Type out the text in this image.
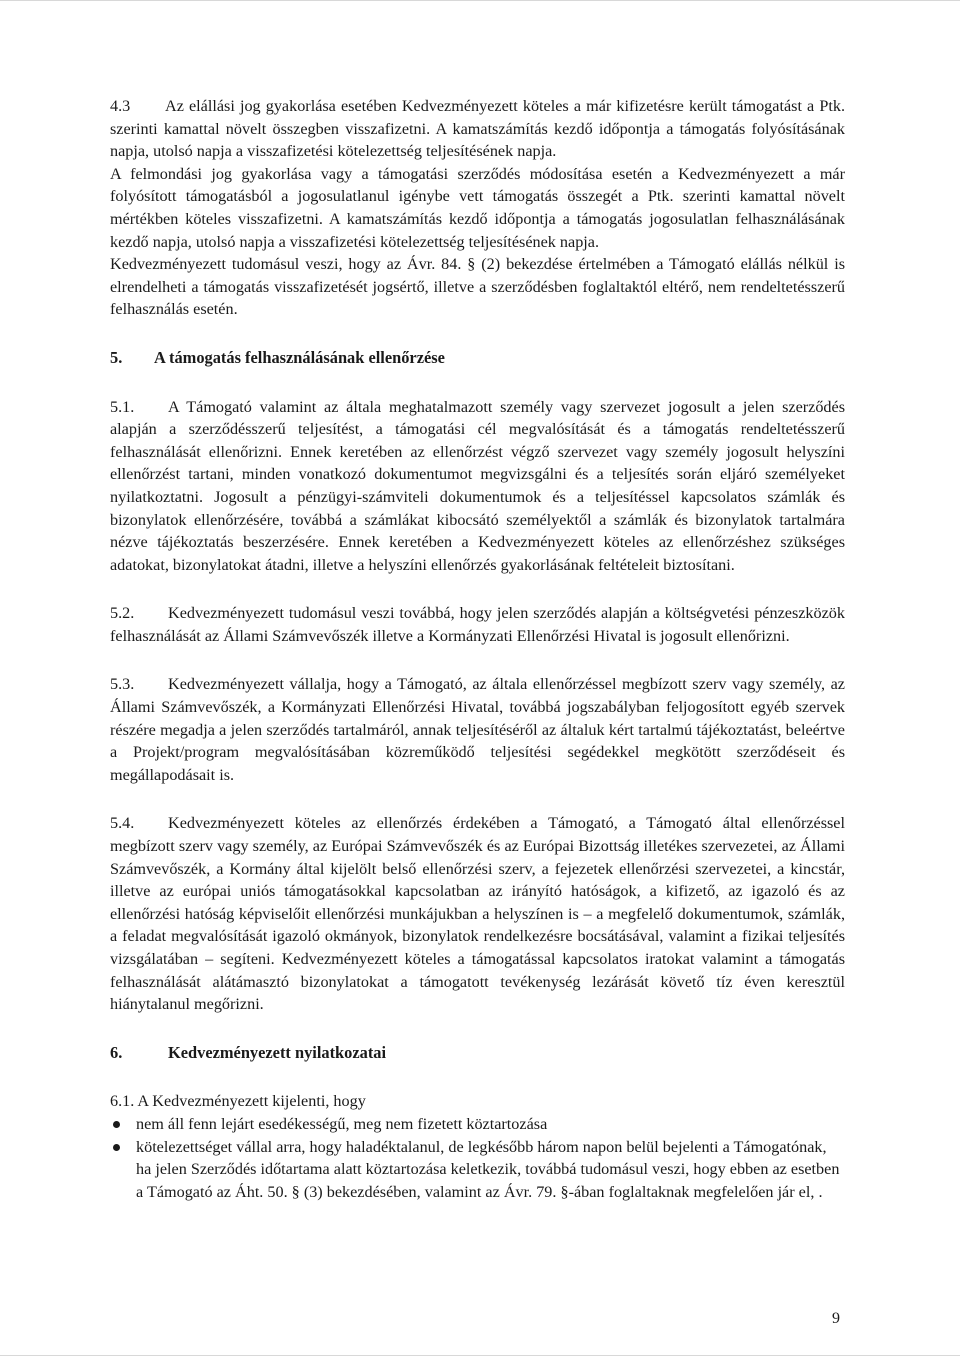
4.3 Az elállási jog gyakorlása esetében Kedvezményezett köteles a már kifizetésre került támogatást a Ptk. szerinti kamattal növelt összegben visszafizetni. A kamatszámítás kezdő időpontja a támogatás folyósításának napja, utolsó napja a visszafizetési kötelezettség teljesítésének napja.

A felmondási jog gyakorlása vagy a támogatási szerződés módosítása esetén a Kedvezményezett a már folyósított támogatásból a jogosulatlanul igénybe vett támogatás összegét a Ptk. szerinti kamattal növelt mértékben köteles visszafizetni. A kamatszámítás kezdő időpontja a támogatás jogosulatlan felhasználásának kezdő napja, utolsó napja a visszafizetési kötelezettség teljesítésének napja.

Kedvezményezett tudomásul veszi, hogy az Ávr. 84. § (2) bekezdése értelmében a Támogató elállás nélkül is elrendelheti a támogatás visszafizetését jogsértő, illetve a szerződésben foglaltaktól eltérő, nem rendeltetésszerű felhasználás esetén.

5. A támogatás felhasználásának ellenőrzése

5.1. A Támogató valamint az általa meghatalmazott személy vagy szervezet jogosult a jelen szerződés alapján a szerződésszerű teljesítést, a támogatási cél megvalósítását és a támogatás rendeltetésszerű felhasználását ellenőrizni. Ennek keretében az ellenőrzést végző szervezet vagy személy jogosult helyszíni ellenőrzést tartani, minden vonatkozó dokumentumot megvizsgálni és a teljesítés során eljáró személyeket nyilatkoztatni. Jogosult a pénzügyi-számviteli dokumentumok és a teljesítéssel kapcsolatos számlák és bizonylatok ellenőrzésére, továbbá a számlákat kibocsátó személyektől a számlák és bizonylatok tartalmára nézve tájékoztatás beszerzésére. Ennek keretében a Kedvezményezett köteles az ellenőrzéshez szükséges adatokat, bizonylatokat átadni, illetve a helyszíni ellenőrzés gyakorlásának feltételeit biztosítani.

5.2. Kedvezményezett tudomásul veszi továbbá, hogy jelen szerződés alapján a költségvetési pénzeszközök felhasználását az Állami Számvevőszék illetve a Kormányzati Ellenőrzési Hivatal is jogosult ellenőrizni.

5.3. Kedvezményezett vállalja, hogy a Támogató, az általa ellenőrzéssel megbízott szerv vagy személy, az Állami Számvevőszék, a Kormányzati Ellenőrzési Hivatal, továbbá jogszabályban feljogosított egyéb szervek részére megadja a jelen szerződés tartalmáról, annak teljesítéséről az általuk kért tartalmú tájékoztatást, beleértve a Projekt/program megvalósításában közreműködő teljesítési segédekkel megkötött szerződéseit és megállapodásait is.

5.4. Kedvezményezett köteles az ellenőrzés érdekében a Támogató, a Támogató által ellenőrzéssel megbízott szerv vagy személy, az Európai Számvevőszék és az Európai Bizottság illetékes szervezetei, az Állami Számvevőszék, a Kormány által kijelölt belső ellenőrzési szerv, a fejezetek ellenőrzési szervezetei, a kincstár, illetve az európai uniós támogatásokkal kapcsolatban az irányító hatóságok, a kifizető, az igazoló és az ellenőrzési hatóság képviselőit ellenőrzési munkájukban a helyszínen is – a megfelelő dokumentumok, számlák, a feladat megvalósítását igazoló okmányok, bizonylatok rendelkezésre bocsátásával, valamint a fizikai teljesítés vizsgálatában – segíteni. Kedvezményezett köteles a támogatással kapcsolatos iratokat valamint a támogatás felhasználását alátámasztó bizonylatokat a támogatott tevékenység lezárását követő tíz éven keresztül hiánytalanul megőrizni.

6.	Kedvezményezett nyilatkozatai

6.1. A Kedvezményezett kijelenti, hogy

nem áll fenn lejárt esedékességű, meg nem fizetett köztartozása
kötelezettséget vállal arra, hogy haladéktalanul, de legkésőbb három napon belül bejelenti a Támogatónak, ha jelen Szerződés időtartama alatt köztartozása keletkezik, továbbá tudomásul veszi, hogy ebben az esetben a Támogató az Áht. 50. § (3) bekezdésében, valamint az Ávr. 79. §-ában foglaltaknak megfelelően jár el, .
9
